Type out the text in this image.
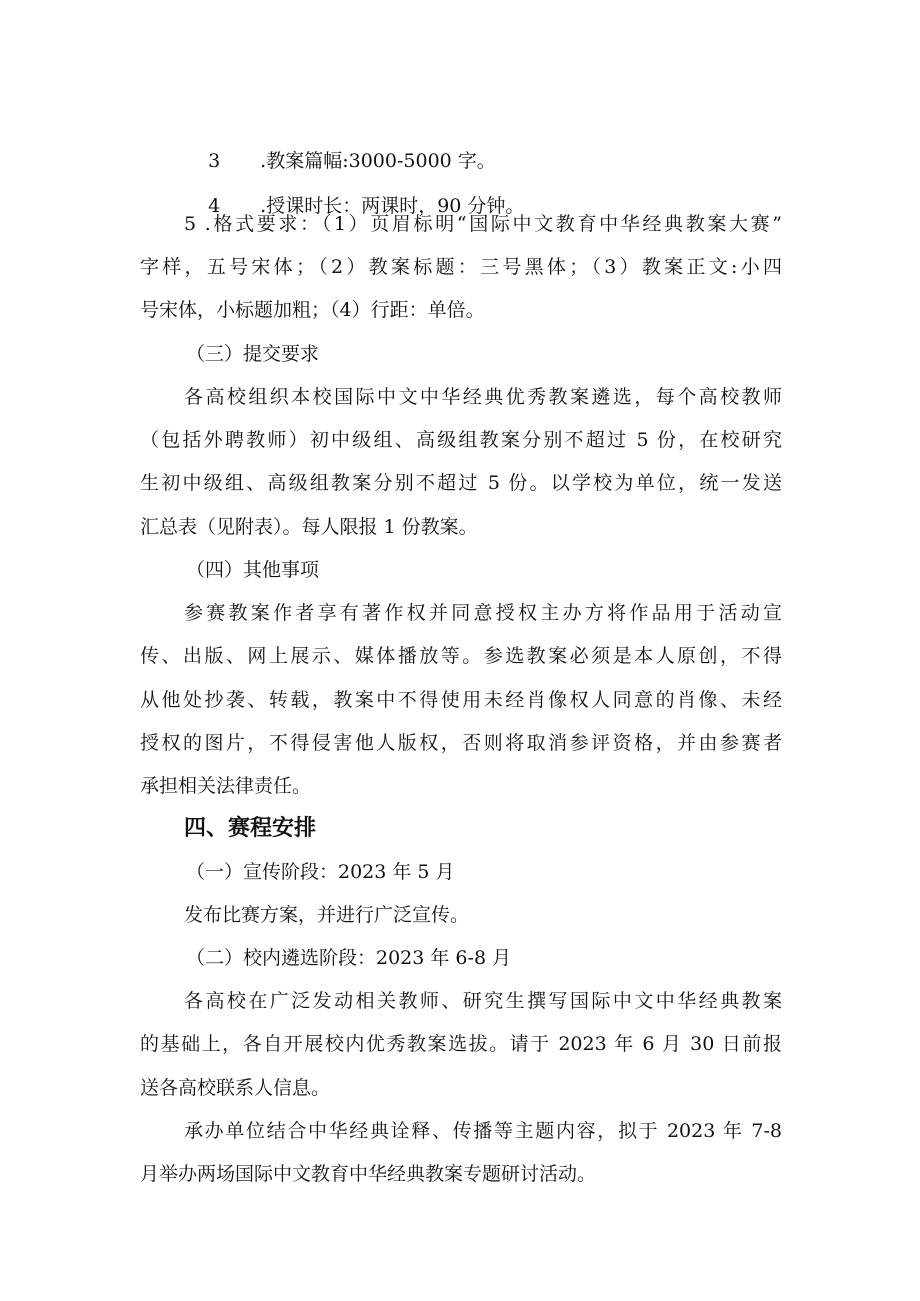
3 .教案篇幅:3000-5000 字。

4 .授课时长：两课时，90 分钟。

5 .格式要求：（1）页眉标明“国际中文教育中华经典教案大赛”
字样，五号宋体；（2）教案标题：三号黑体；（3）教案正文:小四
号宋体，小标题加粗；（4）行距：单倍。
（三）提交要求
各高校组织本校国际中文中华经典优秀教案遴选，每个高校教师
（包括外聘教师）初中级组、高级组教案分别不超过 5 份，在校研究
生初中级组、高级组教案分别不超过 5 份。以学校为单位，统一发送
汇总表（见附表）。每人限报 1 份教案。
（四）其他事项
参赛教案作者享有著作权并同意授权主办方将作品用于活动宣
传、出版、网上展示、媒体播放等。参选教案必须是本人原创，不得
从他处抄袭、转载，教案中不得使用未经肖像权人同意的肖像、未经
授权的图片，不得侵害他人版权，否则将取消参评资格，并由参赛者
承担相关法律责任。
四、赛程安排
（一）宣传阶段：2023 年 5 月
发布比赛方案，并进行广泛宣传。
（二）校内遴选阶段：2023 年 6-8 月
各高校在广泛发动相关教师、研究生撰写国际中文中华经典教案
的基础上，各自开展校内优秀教案选拔。请于 2023 年 6 月 30 日前报
送各高校联系人信息。
承办单位结合中华经典诠释、传播等主题内容，拟于 2023 年 7-8
月举办两场国际中文教育中华经典教案专题研讨活动。
